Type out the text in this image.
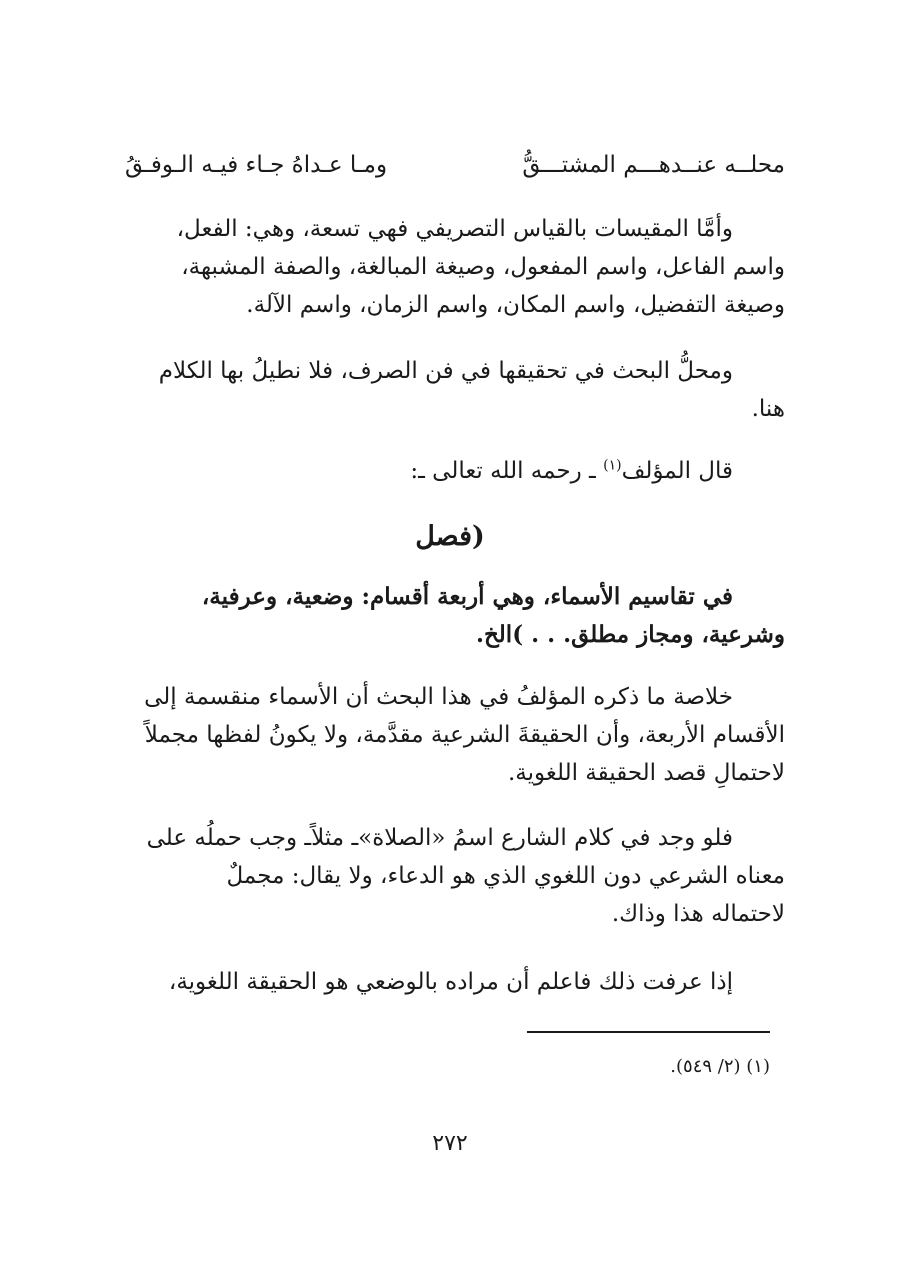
محلــه عنــدهـــم المشتـــقُّ
ومـا عـداهُ جـاء فيـه الـوفـقُ
وأمَّا المقيسات بالقياس التصريفي فهي تسعة، وهي: الفعل،
واسم الفاعل، واسم المفعول، وصيغة المبالغة، والصفة المشبهة،
وصيغة التفضيل، واسم المكان، واسم الزمان، واسم الآلة.
ومحلُّ البحث في تحقيقها في فن الصرف، فلا نطيلُ بها الكلام
هنا.
قال المؤلف$^{(١)}$ ـ رحمه الله تعالى ـ:
(فصل
في تقاسيم الأسماء، وهي أربعة أقسام: وضعية، وعرفية،
وشرعية، ومجاز مطلق. . . )الخ.
خلاصة ما ذكره المؤلفُ في هذا البحث أن الأسماء منقسمة إلى
الأقسام الأربعة، وأن الحقيقةَ الشرعية مقدَّمة، ولا يكونُ لفظها مجملاً
لاحتمالِ قصد الحقيقة اللغوية.
فلو وجد في كلام الشارع اسمُ «الصلاة»ـ مثلاًـ وجب حملُه على
معناه الشرعي دون اللغوي الذي هو الدعاء، ولا يقال: مجملٌ
لاحتماله هذا وذاك.
إذا عرفت ذلك فاعلم أن مراده بالوضعي هو الحقيقة اللغوية،
(١) (٢/ ٥٤٩).
٢٧٢
